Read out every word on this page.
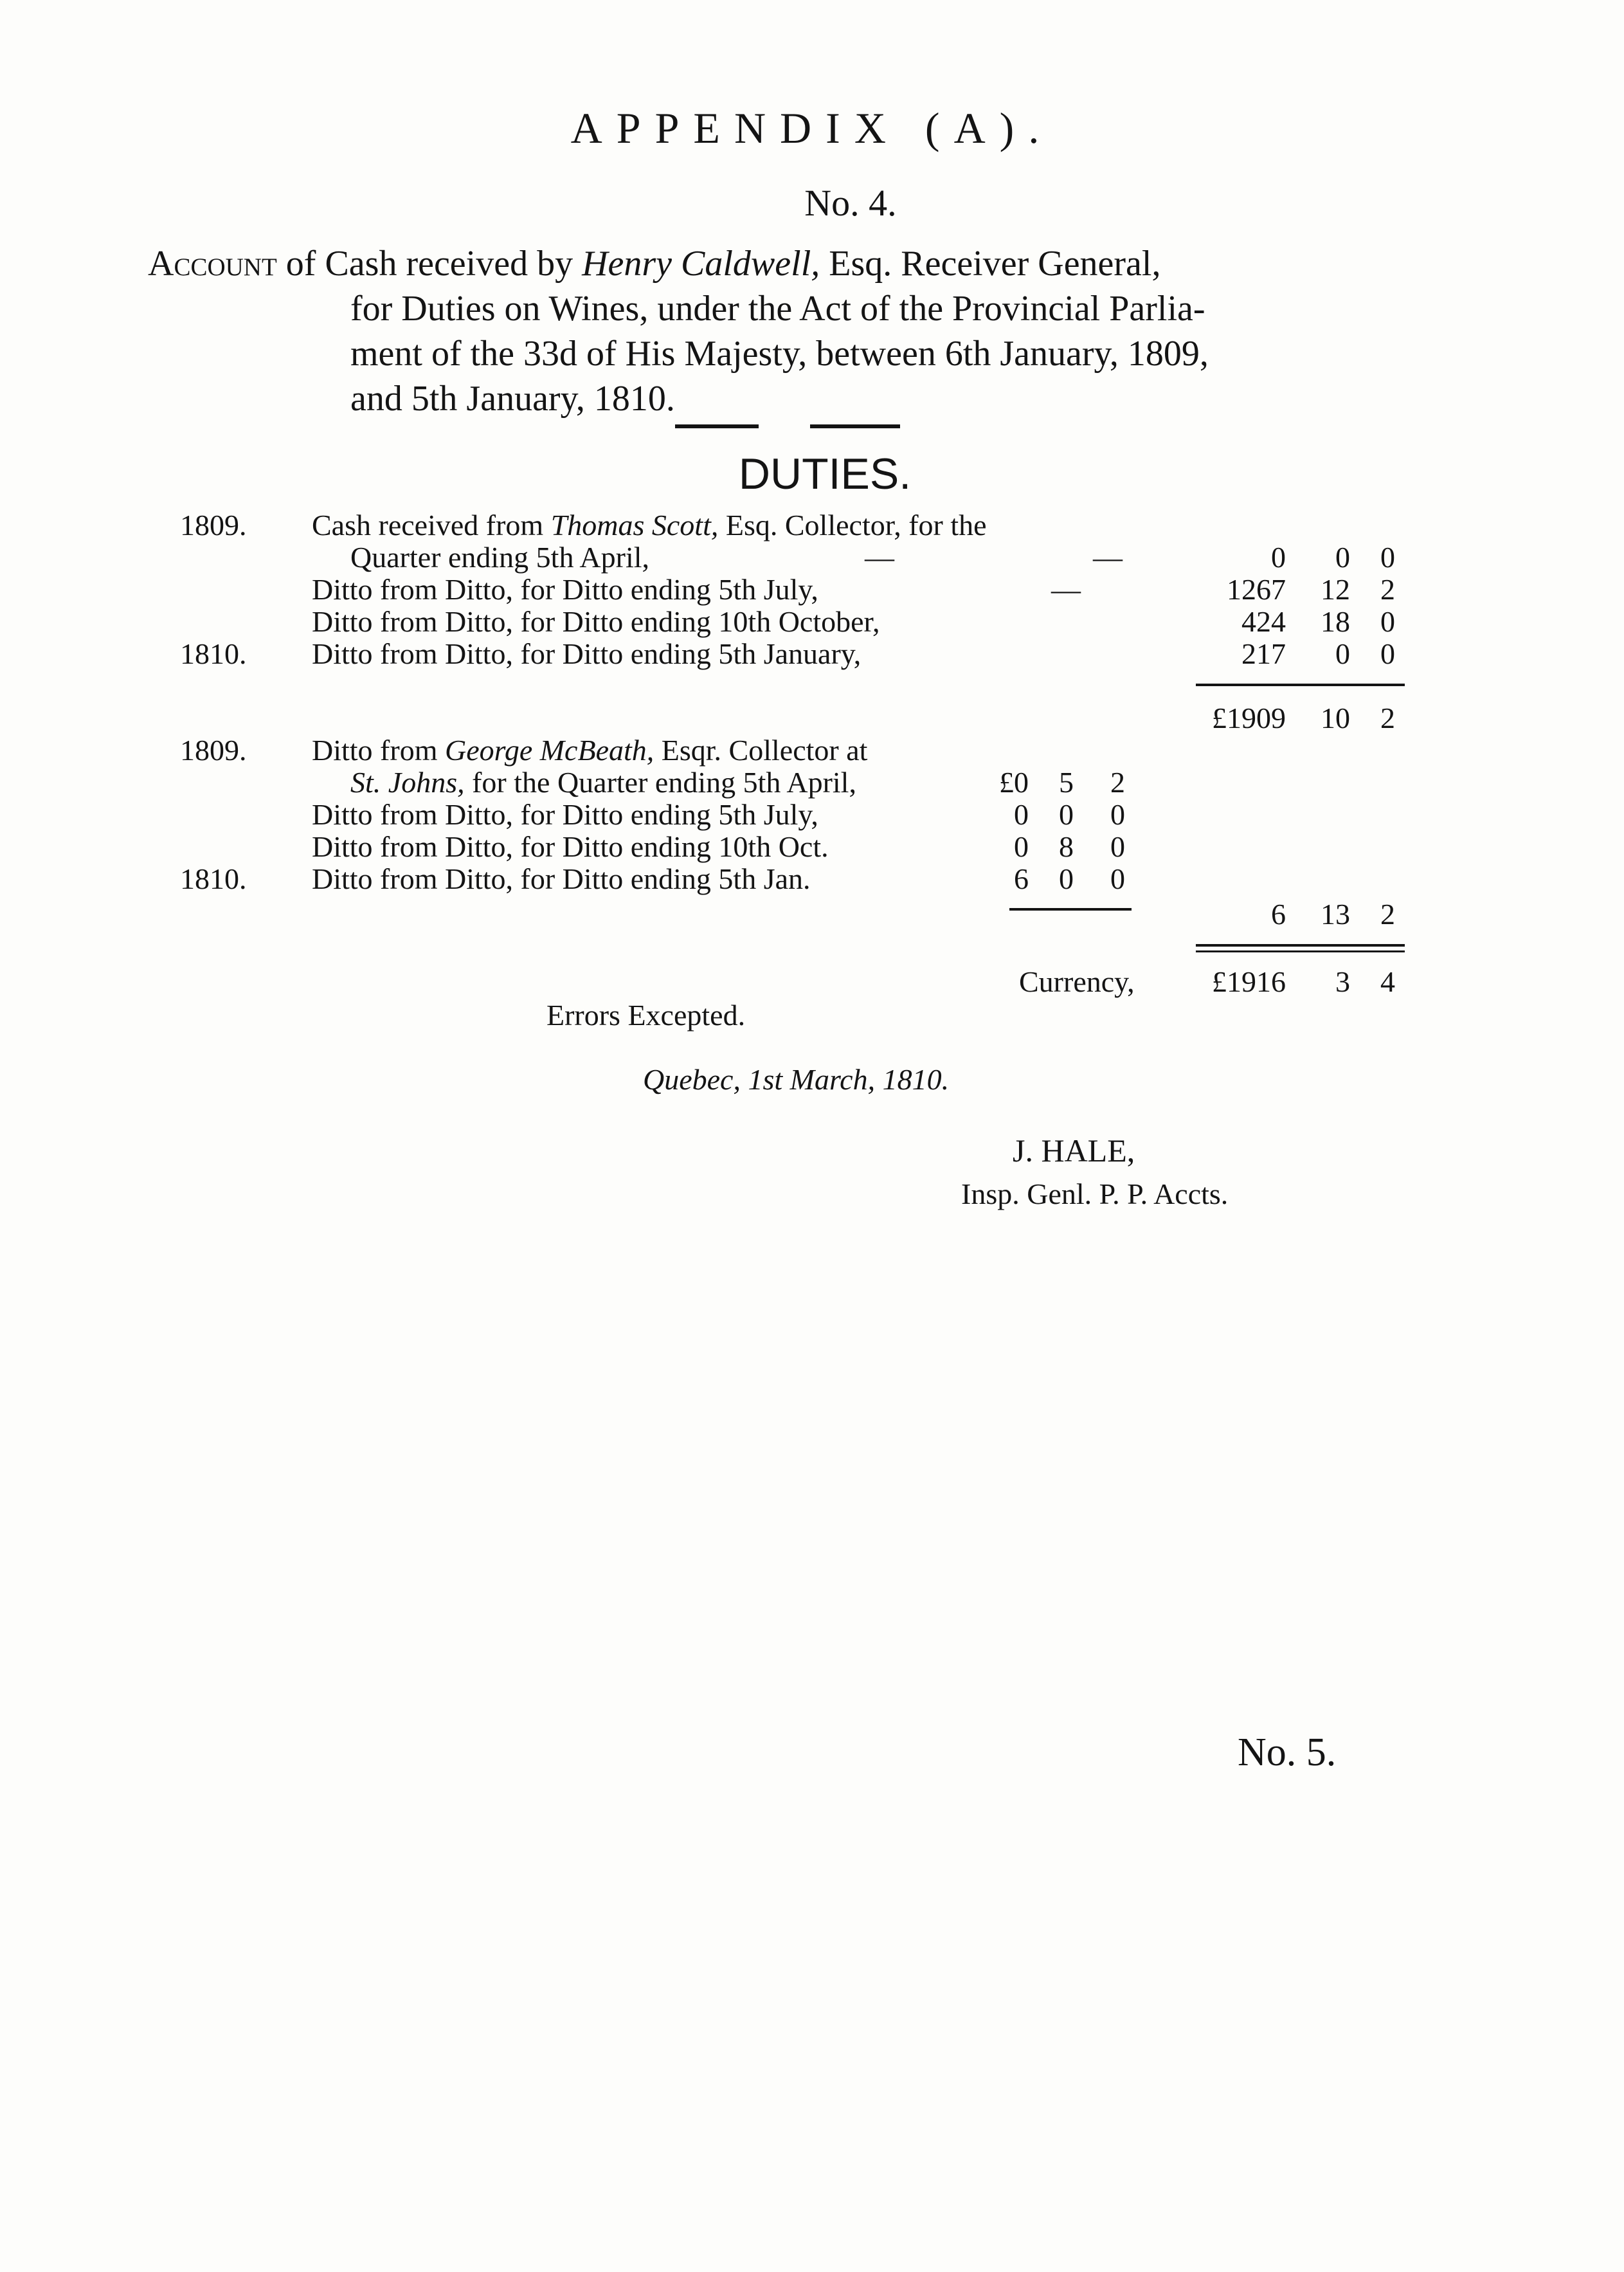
APPENDIX (A).
No. 4.
Account of Cash received by Henry Caldwell, Esq. Receiver General,
for Duties on Wines, under the Act of the Provincial Parlia-
ment of the 33d of His Majesty, between 6th January, 1809,
and 5th January, 1810.
DUTIES.
1809. Cash received from Thomas Scott, Esq. Collector, for the
Quarter ending 5th April,	—	—	0	0	0
Ditto from Ditto, for Ditto ending 5th July,	—	1267	12	2
Ditto from Ditto, for Ditto ending 10th October,	424	18	0
1810. Ditto from Ditto, for Ditto ending 5th January,	217	0	0
£1909	10	2
1809. Ditto from George McBeath, Esqr. Collector at
St. Johns, for the Quarter ending 5th April,	£0	5	2
Ditto from Ditto, for Ditto ending 5th July,	0	0	0
Ditto from Ditto, for Ditto ending 10th Oct.	0	8	0
1810. Ditto from Ditto, for Ditto ending 5th Jan.	6	0	0
6	13	2
Currency,	£1916	3	4
Errors Excepted.
Quebec, 1st March, 1810.
J. HALE,
Insp. Genl. P. P. Accts.
No. 5.
